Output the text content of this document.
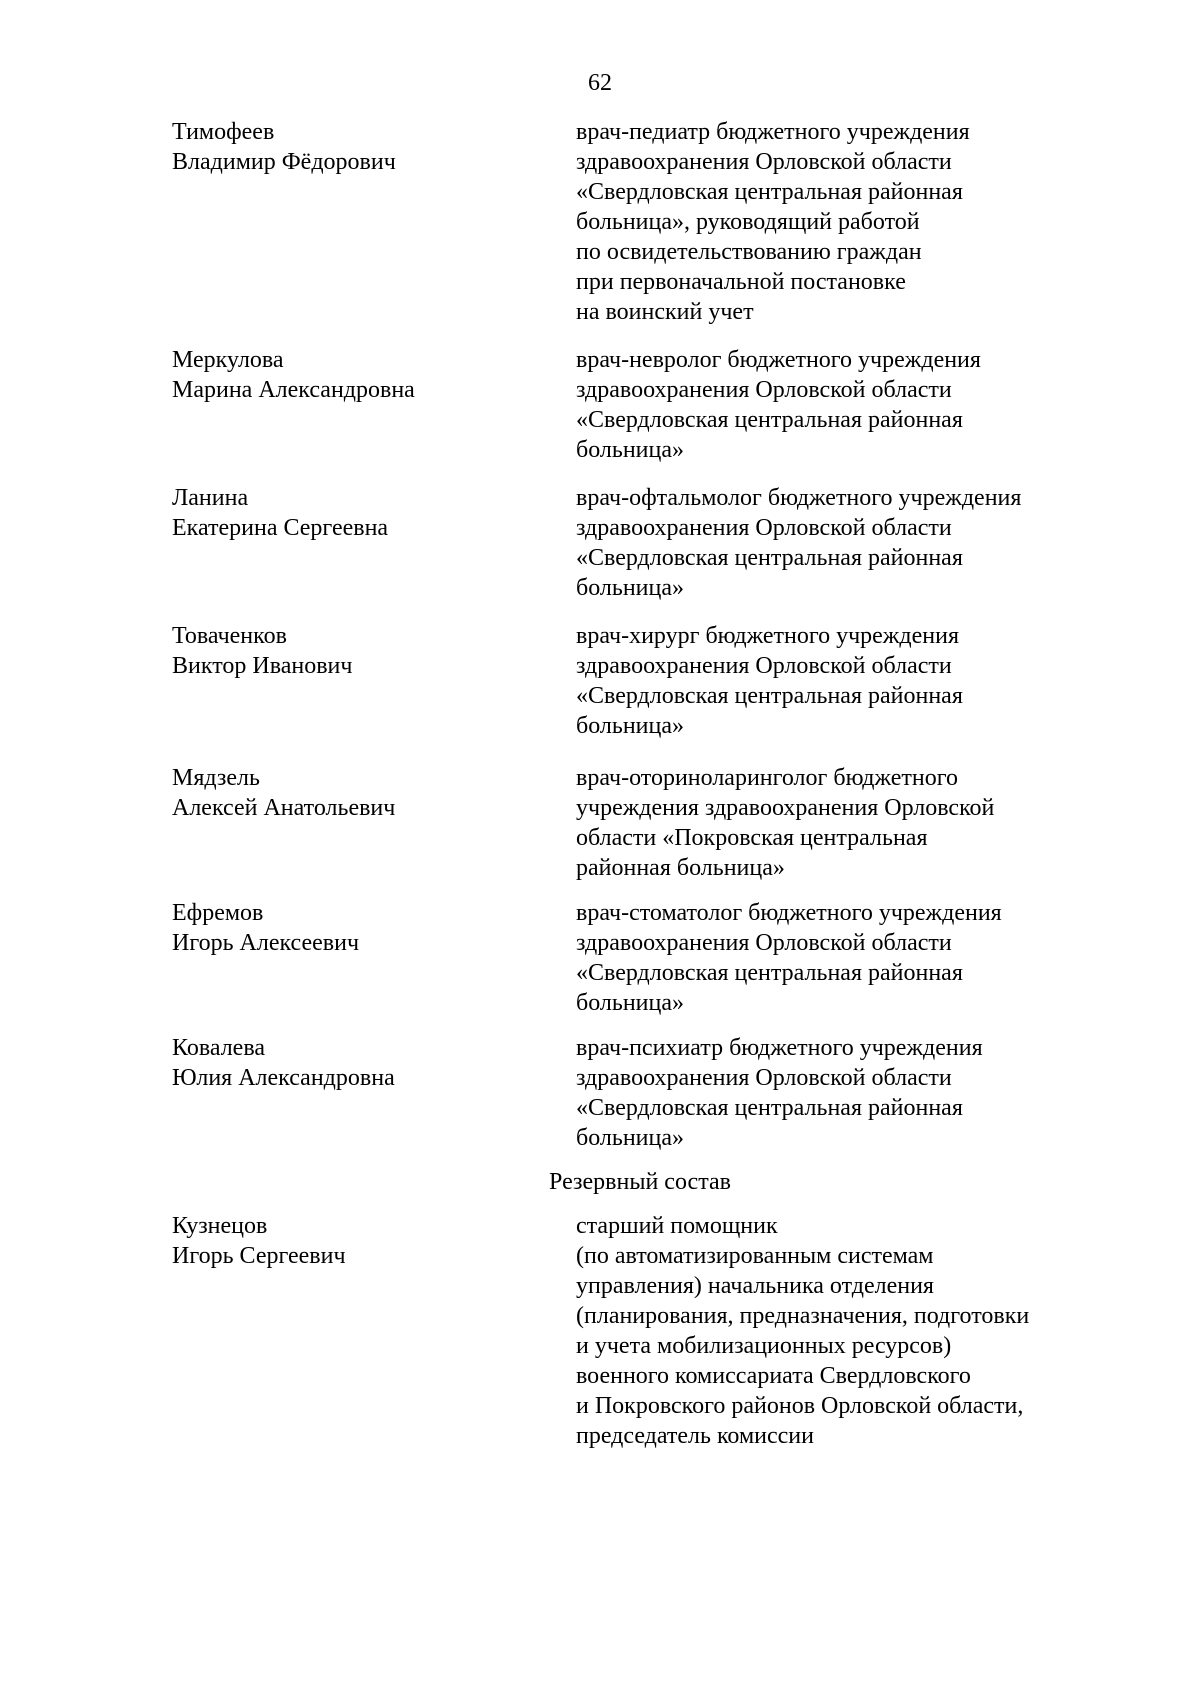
62

Тимофеев
Владимир Фёдорович
врач-педиатр бюджетного учреждения
здравоохранения Орловской области
«Свердловская центральная районная
больница», руководящий работой
по освидетельствованию граждан
при первоначальной постановке
на воинский учет
Меркулова
Марина Александровна
врач-невролог бюджетного учреждения
здравоохранения Орловской области
«Свердловская центральная районная
больница»
Ланина
Екатерина Сергеевна
врач-офтальмолог бюджетного учреждения
здравоохранения Орловской области
«Свердловская центральная районная
больница»
Товаченков
Виктор Иванович
врач-хирург бюджетного учреждения
здравоохранения Орловской области
«Свердловская центральная районная
больница»
Мядзель
Алексей Анатольевич
врач-оториноларинголог бюджетного
учреждения здравоохранения Орловской
области «Покровская центральная
районная больница»
Ефремов
Игорь Алексеевич
врач-стоматолог бюджетного учреждения
здравоохранения Орловской области
«Свердловская центральная районная
больница»
Ковалева
Юлия Александровна
врач-психиатр бюджетного учреждения
здравоохранения Орловской области
«Свердловская центральная районная
больница»

Резервный состав

Кузнецов
Игорь Сергеевич
старший помощник
(по автоматизированным системам
управления) начальника отделения
(планирования, предназначения, подготовки
и учета мобилизационных ресурсов)
военного комиссариата Свердловского
и Покровского районов Орловской области,
председатель комиссии
